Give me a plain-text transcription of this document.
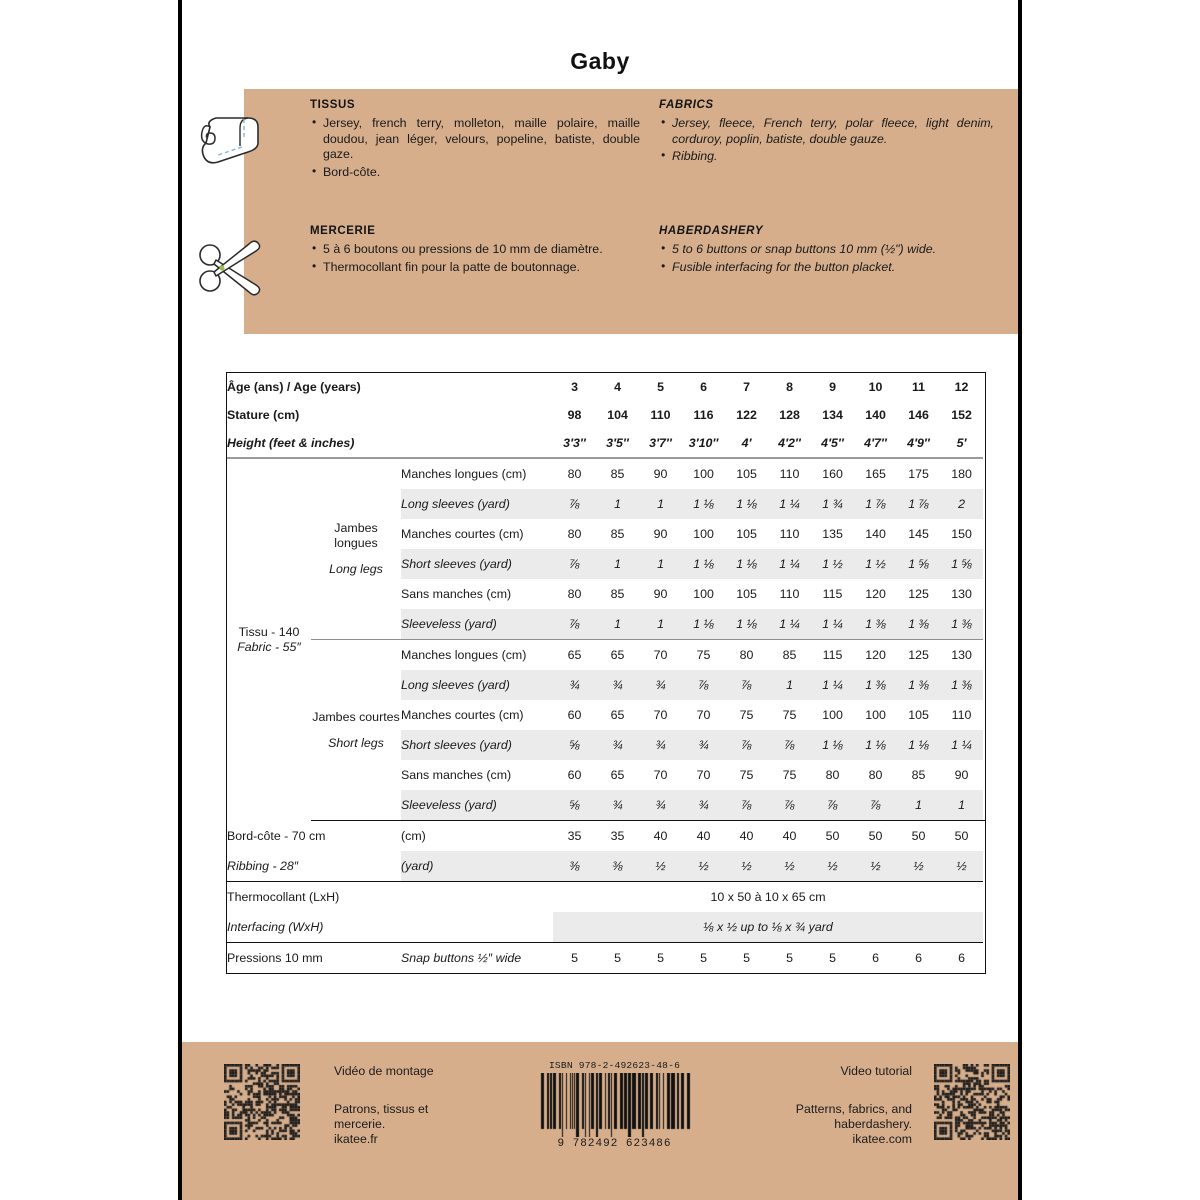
Gaby
TISSUS
• Jersey, french terry, molleton, maille polaire, maille doudou, jean léger, velours, popeline, batiste, double gaze.
• Bord-côte.
FABRICS
• Jersey, fleece, French terry, polar fleece, light denim, corduroy, poplin, batiste, double gauze.
• Ribbing.
MERCERIE
• 5 à 6 boutons ou pressions de 10 mm de diamètre.
• Thermocollant fin pour la patte de boutonnage.
HABERDASHERY
• 5 to 6 buttons or snap buttons 10 mm (½") wide.
• Fusible interfacing for the button placket.
Âge (ans) / Age (years)			3	4	5	6	7	8	9	10	11	12
Stature (cm)			98	104	110	116	122	128	134	140	146	152
Height (feet & inches)			3′3″	3′5″	3′7″	3′10″	4′	4′2″	4′5″	4′7″	4′9″	5′

Tissu - 140
Fabric - 55″

Jambes longues
Long legs
	Manches longues (cm)	80	85	90	100	105	110	160	165	175	180
		Long sleeves (yard)	⅞	1	1	1 ⅛	1 ⅛	1 ¼	1 ¾	1 ⅞	1 ⅞	2
		Manches courtes (cm)	80	85	90	100	105	110	135	140	145	150
		Short sleeves (yard)	⅞	1	1	1 ⅛	1 ⅛	1 ¼	1 ½	1 ½	1 ⅝	1 ⅝
		Sans manches (cm)	80	85	90	100	105	110	115	120	125	130
		Sleeveless (yard)	⅞	1	1	1 ⅛	1 ⅛	1 ¼	1 ¼	1 ⅜	1 ⅜	1 ⅜

	Jambes courtes
Short legs	Manches longues (cm)	65	65	70	75	80	85	115	120	125	130
		Long sleeves (yard)	¾	¾	¾	⅞	⅞	1	1 ¼	1 ⅜	1 ⅜	1 ⅜
		Manches courtes (cm)	60	65	70	70	75	75	100	100	105	110
		Short sleeves (yard)	⅝	¾	¾	¾	⅞	⅞	1 ⅛	1 ⅛	1 ⅛	1 ¼
		Sans manches (cm)	60	65	70	70	75	75	80	80	85	90
		Sleeveless (yard)	⅝	¾	¾	¾	⅞	⅞	⅞	⅞	1	1

Bord-côte - 70 cm		(cm)	35	35	40	40	40	40	50	50	50	50
Ribbing - 28″		(yard)	⅜	⅜	½	½	½	½	½	½	½	½

Thermocollant (LxH)			10 x 50 à 10 x 65 cm									
Interfacing (WxH)			⅛ x ½ up to ⅛ x ¾ yard									

Pressions 10 mm		Snap buttons ½″ wide	5	5	5	5	5	5	5	6	6	6
Vidéo de montage
Patrons, tissus et
mercerie.
ikatee.fr
ISBN 978-2-492623-48-6
9 782492 623486
Video tutorial
Patterns, fabrics, and
haberdashery.
ikatee.com
